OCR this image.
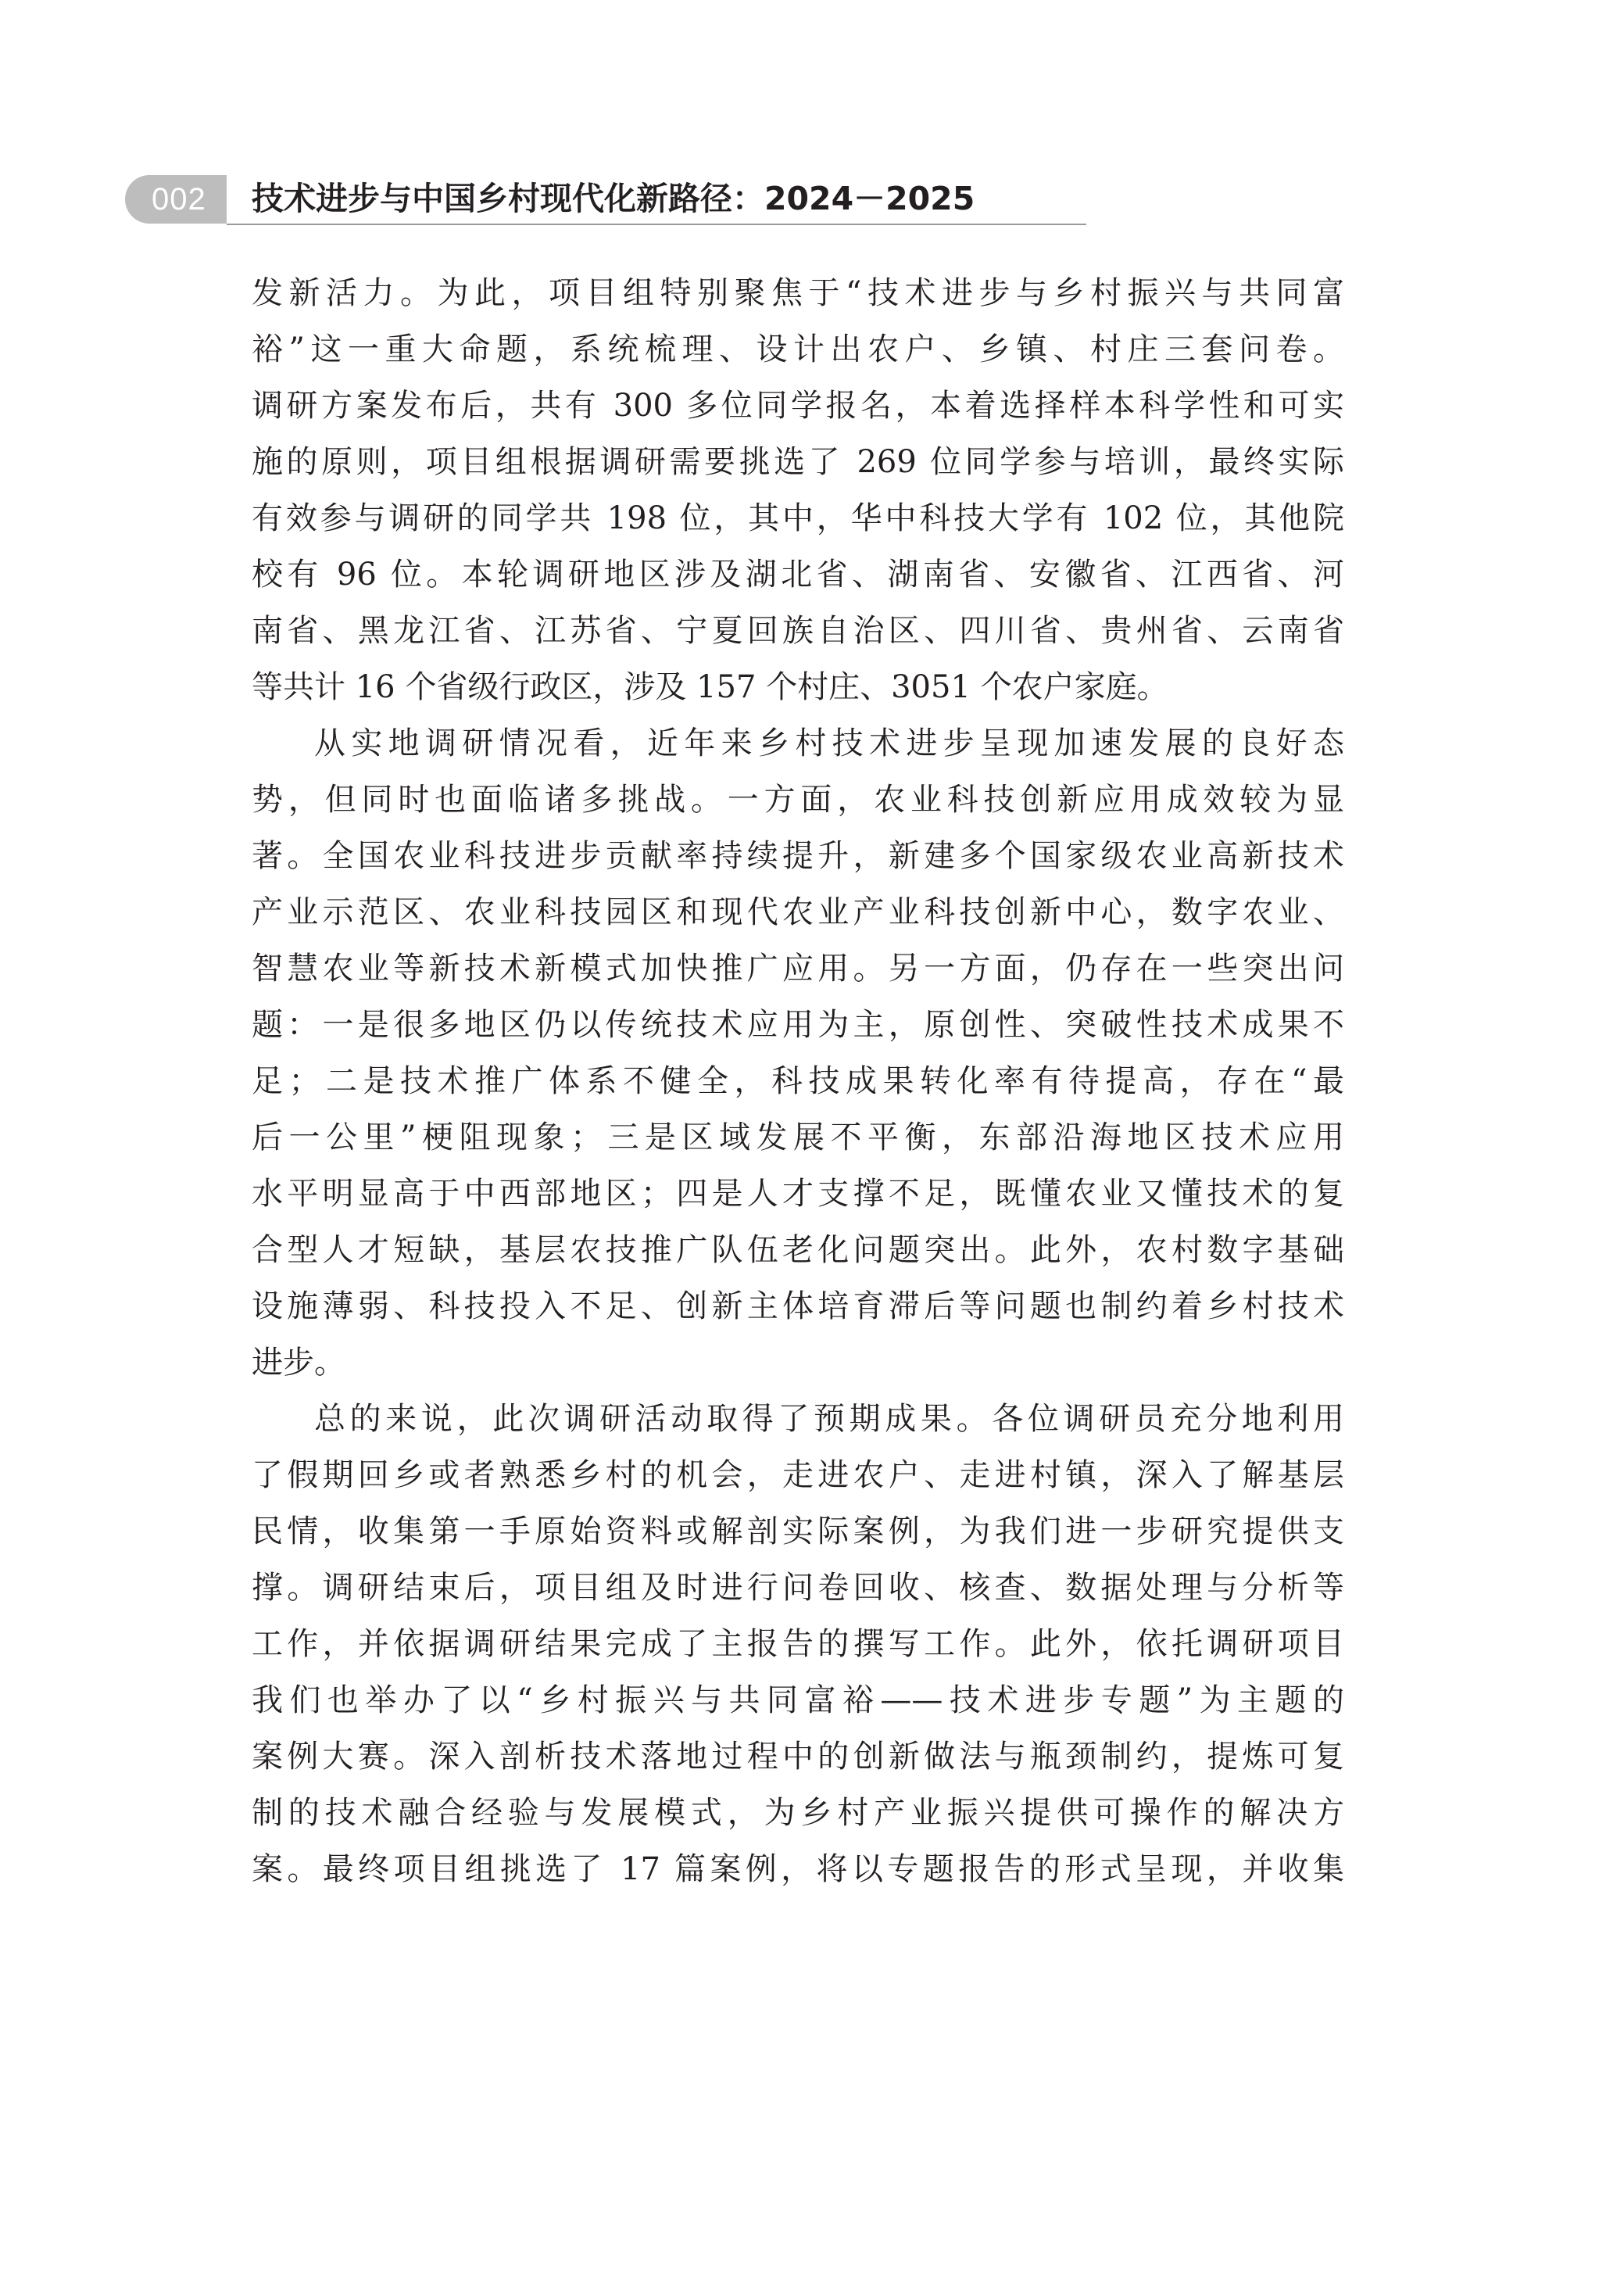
002 技术进步与中国乡村现代化新路径：2024－2025

发新活力。为此，项目组特别聚焦于“技术进步与乡村振兴与共同富
裕”这一重大命题，系统梳理、设计出农户、乡镇、村庄三套问卷。
调研方案发布后，共有 300 多位同学报名，本着选择样本科学性和可实
施的原则，项目组根据调研需要挑选了 269 位同学参与培训，最终实际
有效参与调研的同学共 198 位，其中，华中科技大学有 102 位，其他院
校有 96 位。本轮调研地区涉及湖北省、湖南省、安徽省、江西省、河
南省、黑龙江省、江苏省、宁夏回族自治区、四川省、贵州省、云南省
等共计 16 个省级行政区，涉及 157 个村庄、3051 个农户家庭。

从实地调研情况看，近年来乡村技术进步呈现加速发展的良好态
势，但同时也面临诸多挑战。一方面，农业科技创新应用成效较为显
著。全国农业科技进步贡献率持续提升，新建多个国家级农业高新技术
产业示范区、农业科技园区和现代农业产业科技创新中心，数字农业、
智慧农业等新技术新模式加快推广应用。另一方面，仍存在一些突出问
题：一是很多地区仍以传统技术应用为主，原创性、突破性技术成果不
足；二是技术推广体系不健全，科技成果转化率有待提高，存在“最
后一公里”梗阻现象；三是区域发展不平衡，东部沿海地区技术应用
水平明显高于中西部地区；四是人才支撑不足，既懂农业又懂技术的复
合型人才短缺，基层农技推广队伍老化问题突出。此外，农村数字基础
设施薄弱、科技投入不足、创新主体培育滞后等问题也制约着乡村技术
进步。

总的来说，此次调研活动取得了预期成果。各位调研员充分地利用
了假期回乡或者熟悉乡村的机会，走进农户、走进村镇，深入了解基层
民情，收集第一手原始资料或解剖实际案例，为我们进一步研究提供支
撑。调研结束后，项目组及时进行问卷回收、核查、数据处理与分析等
工作，并依据调研结果完成了主报告的撰写工作。此外，依托调研项目
我们也举办了以“乡村振兴与共同富裕——技术进步专题”为主题的
案例大赛。深入剖析技术落地过程中的创新做法与瓶颈制约，提炼可复
制的技术融合经验与发展模式，为乡村产业振兴提供可操作的解决方
案。最终项目组挑选了 17 篇案例，将以专题报告的形式呈现，并收集
